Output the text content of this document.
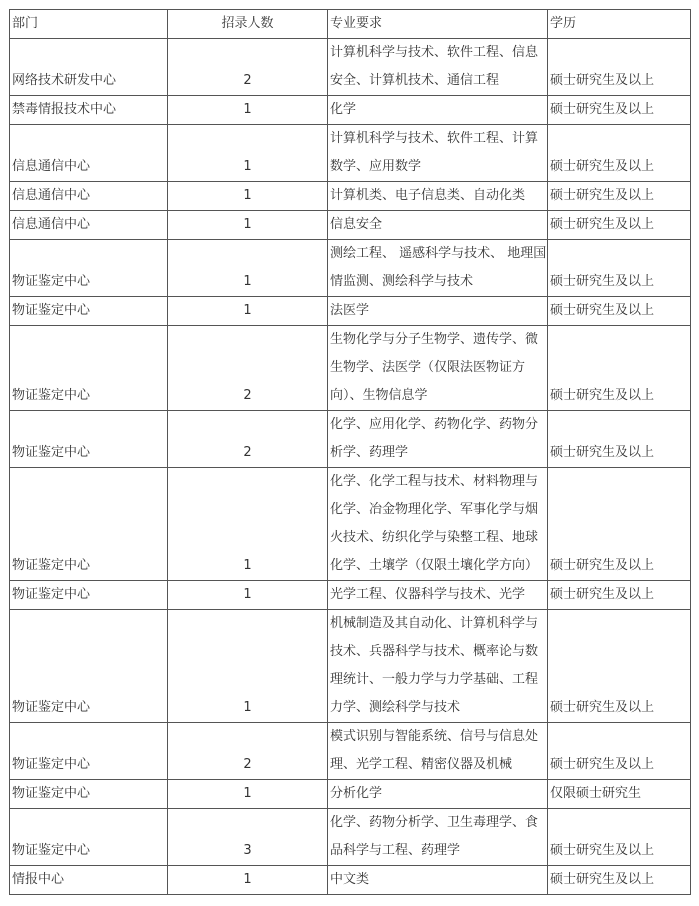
部门	招录人数	专业要求	学历
网络技术研发中心	2	计算机科学与技术、软件工程、信息安全、计算机技术、通信工程	硕士研究生及以上
禁毒情报技术中心	1	化学	硕士研究生及以上
信息通信中心	1	计算机科学与技术、软件工程、计算数学、应用数学	硕士研究生及以上
信息通信中心	1	计算机类、电子信息类、自动化类	硕士研究生及以上
信息通信中心	1	信息安全	硕士研究生及以上
物证鉴定中心	1	测绘工程、 遥感科学与技术、 地理国情监测、测绘科学与技术	硕士研究生及以上
物证鉴定中心	1	法医学	硕士研究生及以上
物证鉴定中心	2	生物化学与分子生物学、遗传学、微生物学、法医学（仅限法医物证方向）、生物信息学	硕士研究生及以上
物证鉴定中心	2	化学、应用化学、药物化学、药物分析学、药理学	硕士研究生及以上
物证鉴定中心	1	化学、化学工程与技术、材料物理与化学、冶金物理化学、军事化学与烟火技术、纺织化学与染整工程、地球化学、土壤学（仅限土壤化学方向）	硕士研究生及以上
物证鉴定中心	1	光学工程、仪器科学与技术、光学	硕士研究生及以上
物证鉴定中心	1	机械制造及其自动化、计算机科学与技术、兵器科学与技术、概率论与数理统计、一般力学与力学基础、工程力学、测绘科学与技术	硕士研究生及以上
物证鉴定中心	2	模式识别与智能系统、信号与信息处理、光学工程、精密仪器及机械	硕士研究生及以上
物证鉴定中心	1	分析化学	仅限硕士研究生
物证鉴定中心	3	化学、药物分析学、卫生毒理学、食品科学与工程、药理学	硕士研究生及以上
情报中心	1	中文类	硕士研究生及以上
